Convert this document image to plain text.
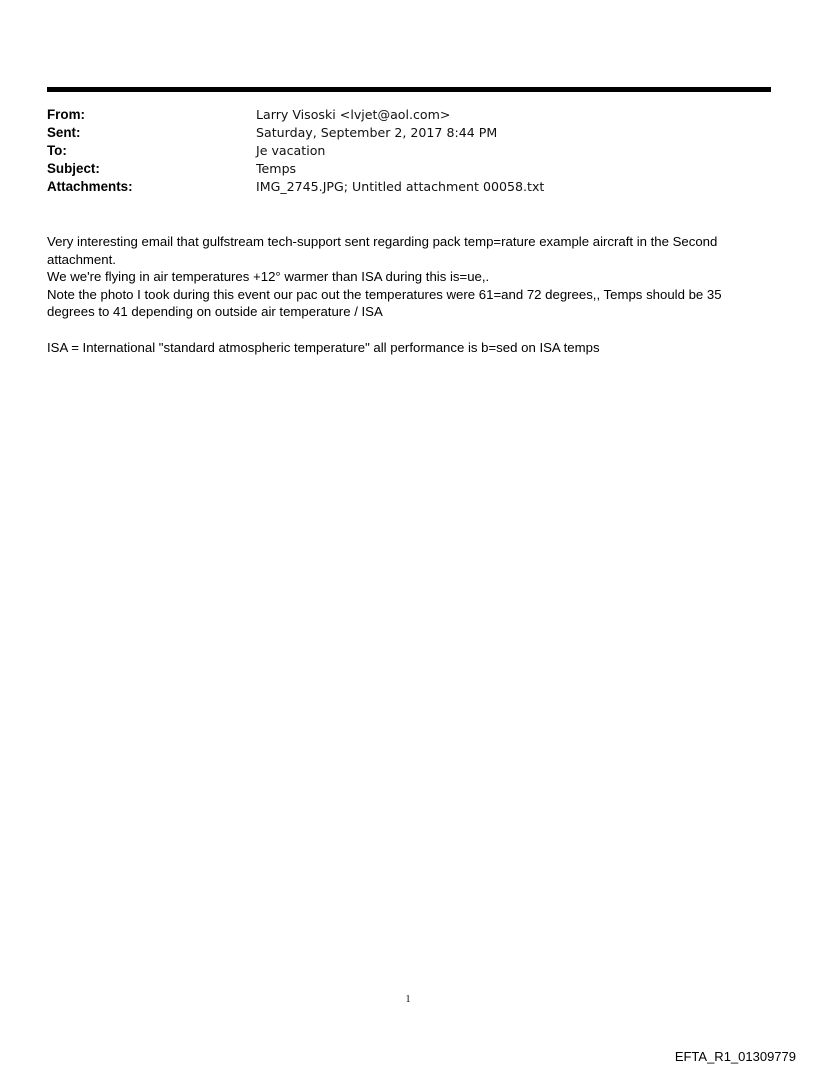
From:	Larry Visoski <lvjet@aol.com>
Sent:	Saturday, September 2, 2017 8:44 PM
To:	Je vacation
Subject:	Temps
Attachments:	IMG_2745.JPG; Untitled attachment 00058.txt

Very interesting email that gulfstream tech-support sent regarding pack temp=rature example aircraft in the Second attachment.

We we're flying in air temperatures +12° warmer than ISA during this is=ue,.

Note the photo I took during this event our pac out the temperatures were 61=and 72 degrees,, Temps should be 35 degrees to 41 depending on outside air temperature / ISA

ISA = International "standard atmospheric temperature" all performance is b=sed on ISA temps

1
EFTA_R1_01309779
